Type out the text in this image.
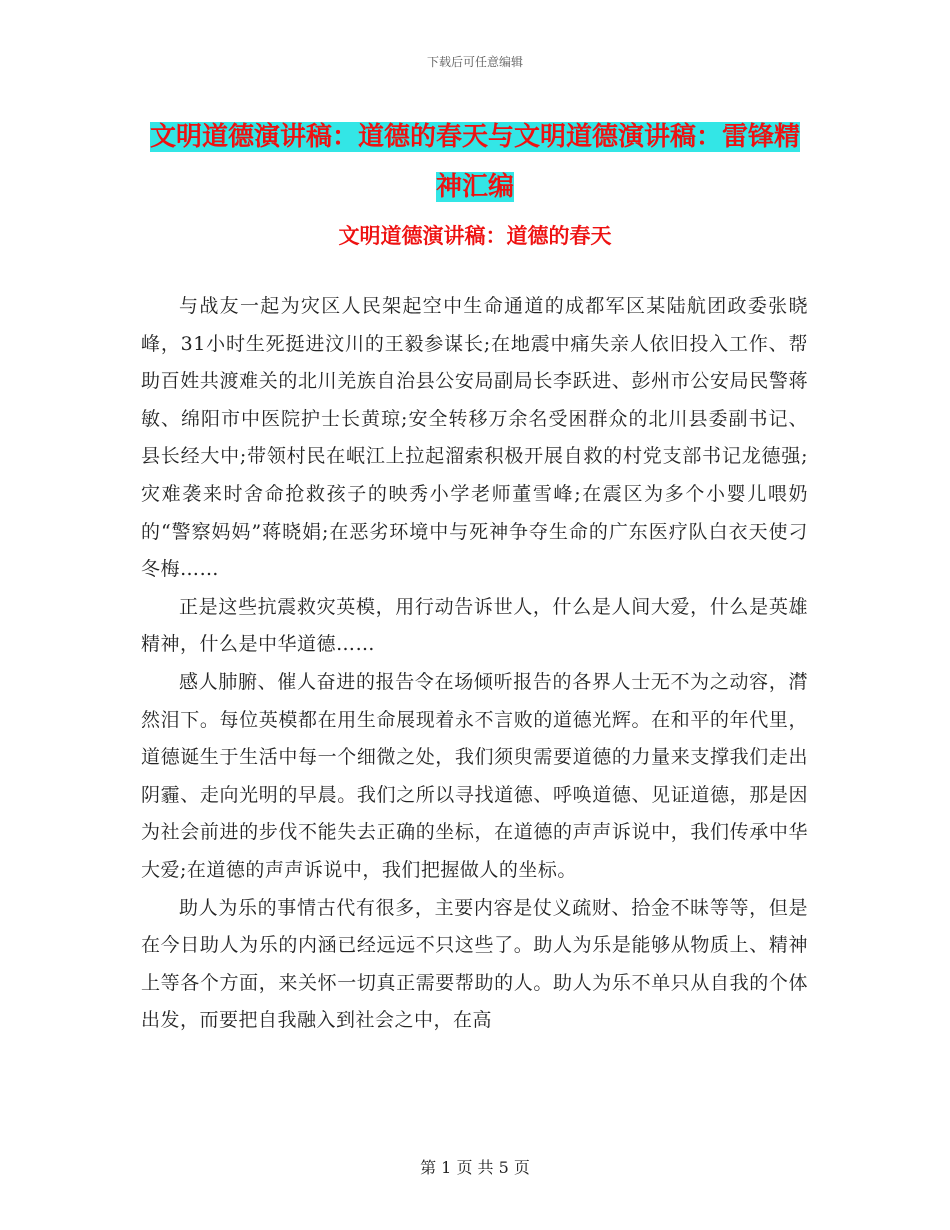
下载后可任意编辑
文明道德演讲稿：道德的春天与文明道德演讲稿：雷锋精神汇编
文明道德演讲稿：道德的春天

与战友一起为灾区人民架起空中生命通道的成都军区某陆航团政委张晓峰，31小时生死挺进汶川的王毅参谋长;在地震中痛失亲人依旧投入工作、帮助百姓共渡难关的北川羌族自治县公安局副局长李跃进、彭州市公安局民警蒋敏、绵阳市中医院护士长黄琼;安全转移万余名受困群众的北川县委副书记、县长经大中;带领村民在岷江上拉起溜索积极开展自救的村党支部书记龙德强;灾难袭来时舍命抢救孩子的映秀小学老师董雪峰;在震区为多个小婴儿喂奶的“警察妈妈”蒋晓娟;在恶劣环境中与死神争夺生命的广东医疗队白衣天使刁冬梅……

正是这些抗震救灾英模，用行动告诉世人，什么是人间大爱，什么是英雄精神，什么是中华道德……

感人肺腑、催人奋进的报告令在场倾听报告的各界人士无不为之动容，潸然泪下。每位英模都在用生命展现着永不言败的道德光辉。在和平的年代里，道德诞生于生活中每一个细微之处，我们须臾需要道德的力量来支撑我们走出阴霾、走向光明的早晨。我们之所以寻找道德、呼唤道德、见证道德，那是因为社会前进的步伐不能失去正确的坐标，在道德的声声诉说中，我们传承中华大爱;在道德的声声诉说中，我们把握做人的坐标。

助人为乐的事情古代有很多，主要内容是仗义疏财、拾金不昧等等，但是在今日助人为乐的内涵已经远远不只这些了。助人为乐是能够从物质上、精神上等各个方面，来关怀一切真正需要帮助的人。助人为乐不单只从自我的个体出发，而要把自我融入到社会之中，在高

第 1 页 共 5 页
